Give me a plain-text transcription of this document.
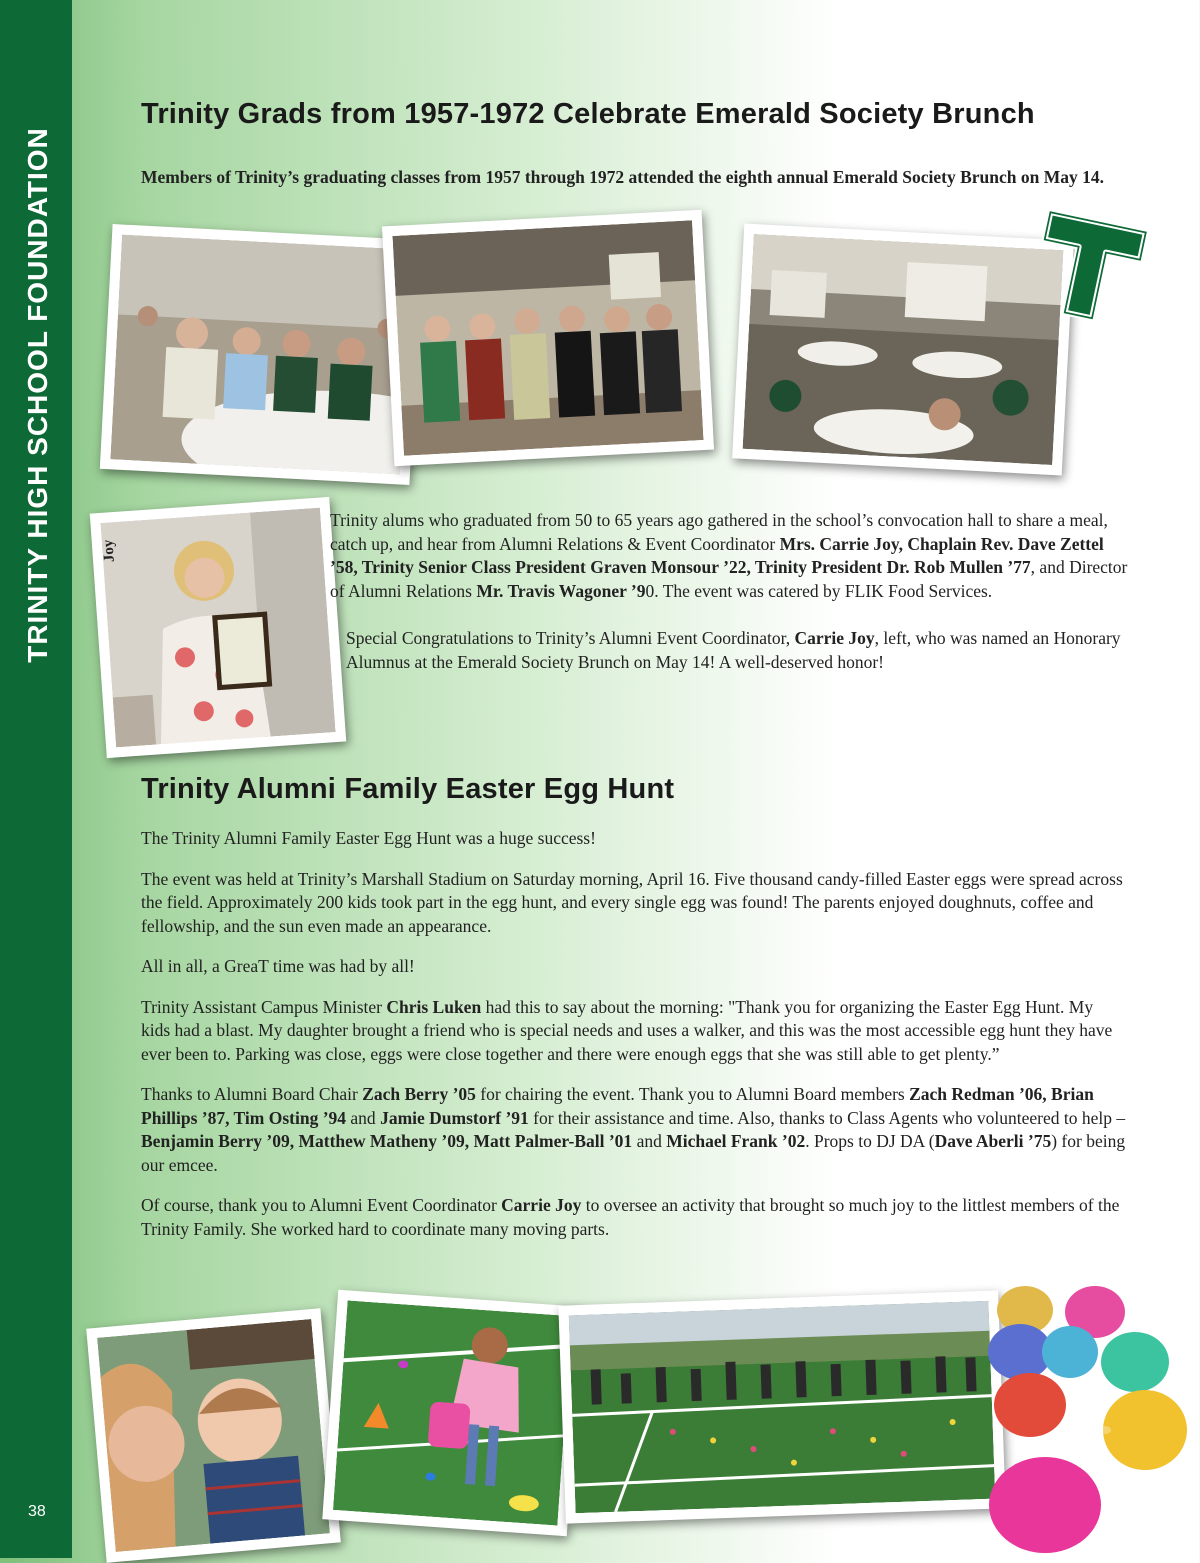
TRINITY HIGH SCHOOL FOUNDATION
38
Trinity Grads from 1957-1972 Celebrate Emerald Society Brunch

Members of Trinity’s graduating classes from 1957 through 1972 attended the eighth annual Emerald Society Brunch on May 14.

Joy

Trinity alums who graduated from 50 to 65 years ago gathered in the school’s convocation hall to share a meal, catch up, and hear from Alumni Relations & Event Coordinator Mrs. Carrie Joy, Chaplain Rev. Dave Zettel ’58, Trinity Senior Class President Graven Monsour ’22, Trinity President Dr. Rob Mullen ’77, and Director of Alumni Relations Mr. Travis Wagoner ’90. The event was catered by FLIK Food Services.

Special Congratulations to Trinity’s Alumni Event Coordinator, Carrie Joy, left, who was named an Honorary Alumnus at the Emerald Society Brunch on May 14! A well-deserved honor!

Trinity Alumni Family Easter Egg Hunt

The Trinity Alumni Family Easter Egg Hunt was a huge success!

The event was held at Trinity’s Marshall Stadium on Saturday morning, April 16. Five thousand candy-filled Easter eggs were spread across the field. Approximately 200 kids took part in the egg hunt, and every single egg was found! The parents enjoyed doughnuts, coffee and fellowship, and the sun even made an appearance.

All in all, a GreaT time was had by all!

Trinity Assistant Campus Minister Chris Luken had this to say about the morning: "Thank you for organizing the Easter Egg Hunt. My kids had a blast. My daughter brought a friend who is special needs and uses a walker, and this was the most accessible egg hunt they have ever been to. Parking was close, eggs were close together and there were enough eggs that she was still able to get plenty.”

Thanks to Alumni Board Chair Zach Berry ’05 for chairing the event. Thank you to Alumni Board members Zach Redman ’06, Brian Phillips ’87, Tim Osting ’94 and Jamie Dumstorf ’91 for their assistance and time. Also, thanks to Class Agents who volunteered to help – Benjamin Berry ’09, Matthew Matheny ’09, Matt Palmer-Ball ’01 and Michael Frank ’02. Props to DJ DA (Dave Aberli ’75) for being our emcee.

Of course, thank you to Alumni Event Coordinator Carrie Joy to oversee an activity that brought so much joy to the littlest members of the Trinity Family. She worked hard to coordinate many moving parts.
